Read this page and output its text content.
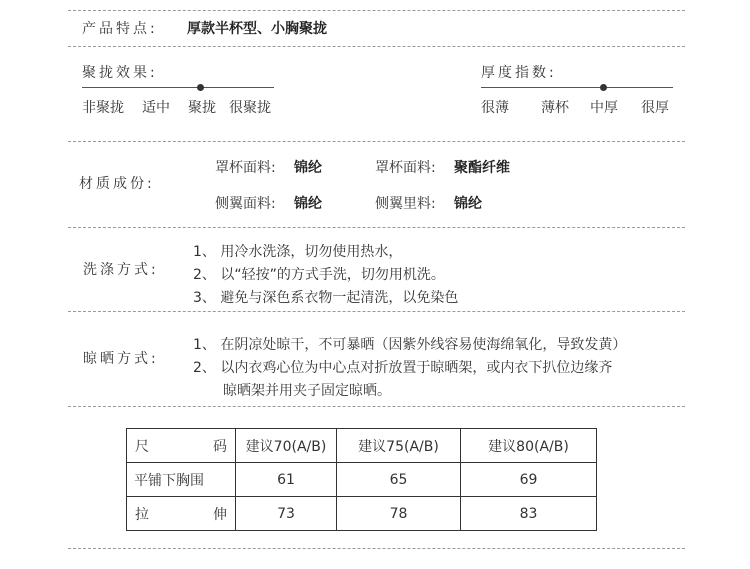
产品特点: 厚款半杯型、小胸聚拢
聚拢效果:
非聚拢 适中 聚拢 很聚拢
厚度指数:
很薄 薄杯 中厚 很厚
材质成份:
罩杯面料: 锦纶	罩杯面料: 聚酯纤维
侧翼面料: 锦纶	侧翼里料: 锦纶
洗涤方式:
1、 用冷水洗涤，切勿使用热水，
2、 以“轻按”的方式手洗，切勿用机洗。
3、 避免与深色系衣物一起清洗，以免染色
晾晒方式:
1、 在阴凉处晾干，不可暴晒（因紫外线容易使海绵氧化，导致发黄）
2、 以内衣鸡心位为中心点对折放置于晾晒架，或内衣下扒位边缘齐
晾晒架并用夹子固定晾晒。
尺 码	建议70(A/B)	建议75(A/B)	建议80(A/B)
平铺下胸围	61	65	69

拉 伸	73	78	83
